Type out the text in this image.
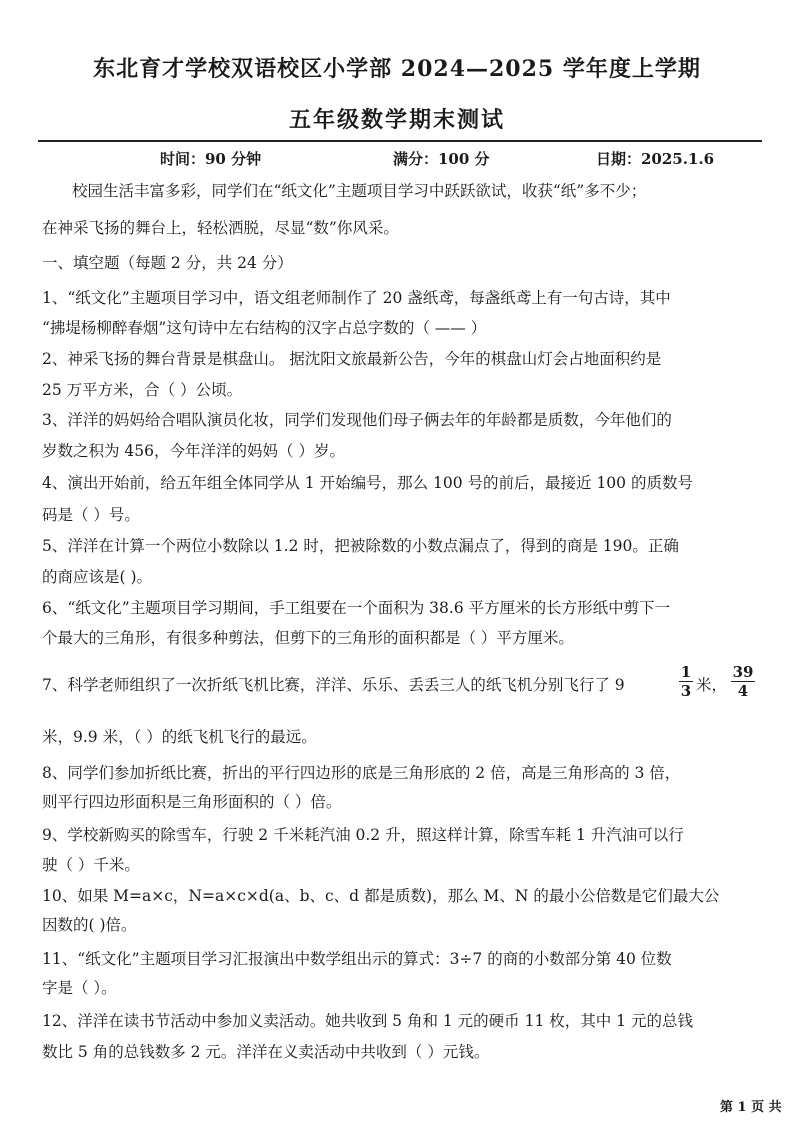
东北育才学校双语校区小学部 2024—2025 学年度上学期
五年级数学期末测试
时间：90 分钟	满分：100 分	日期：2025.1.6
校园生活丰富多彩，同学们在“纸文化”主题项目学习中跃跃欲试，收获“纸”多不少；
在神采飞扬的舞台上，轻松洒脱，尽显“数”你风采。
一、填空题（每题 2 分，共 24 分）
1、“纸文化”主题项目学习中，语文组老师制作了 20 盏纸鸢，每盏纸鸢上有一句古诗，其中
“拂堤杨柳醉春烟”这句诗中左右结构的汉字占总字数的（ —— ）
2、神采飞扬的舞台背景是棋盘山。 据沈阳文旅最新公告，今年的棋盘山灯会占地面积约是
25 万平方米，合（ ）公顷。
3、洋洋的妈妈给合唱队演员化妆，同学们发现他们母子俩去年的年龄都是质数，今年他们的
岁数之积为 456，今年洋洋的妈妈（ ）岁。
4、演出开始前，给五年组全体同学从 1 开始编号，那么 100 号的前后，最接近 100 的质数号
码是（ ）号。
5、洋洋在计算一个两位小数除以 1.2 时，把被除数的小数点漏点了，得到的商是 190。正确
的商应该是( )。
6、“纸文化”主题项目学习期间，手工组要在一个面积为 38.6 平方厘米的长方形纸中剪下一
个最大的三角形，有很多种剪法，但剪下的三角形的面积都是（ ）平方厘米。
7、科学老师组织了一次折纸飞机比赛，洋洋、乐乐、丢丢三人的纸飞机分别飞行了 9
1
3 米，
39
4
米，9.9 米，（ ）的纸飞机飞行的最远。
8、同学们参加折纸比赛，折出的平行四边形的底是三角形底的 2 倍，高是三角形高的 3 倍，
则平行四边形面积是三角形面积的（ ）倍。
9、学校新购买的除雪车，行驶 2 千米耗汽油 0.2 升，照这样计算，除雪车耗 1 升汽油可以行
驶（ ）千米。
10、如果 M=a×c，N=a×c×d(a、b、c、d 都是质数)，那么 M、N 的最小公倍数是它们最大公
因数的( )倍。
11、“纸文化”主题项目学习汇报演出中数学组出示的算式：3÷7 的商的小数部分第 40 位数
字是（ ）。
12、洋洋在读书节活动中参加义卖活动。她共收到 5 角和 1 元的硬币 11 枚，其中 1 元的总钱
数比 5 角的总钱数多 2 元。洋洋在义卖活动中共收到（ ）元钱。
第 1 页 共
